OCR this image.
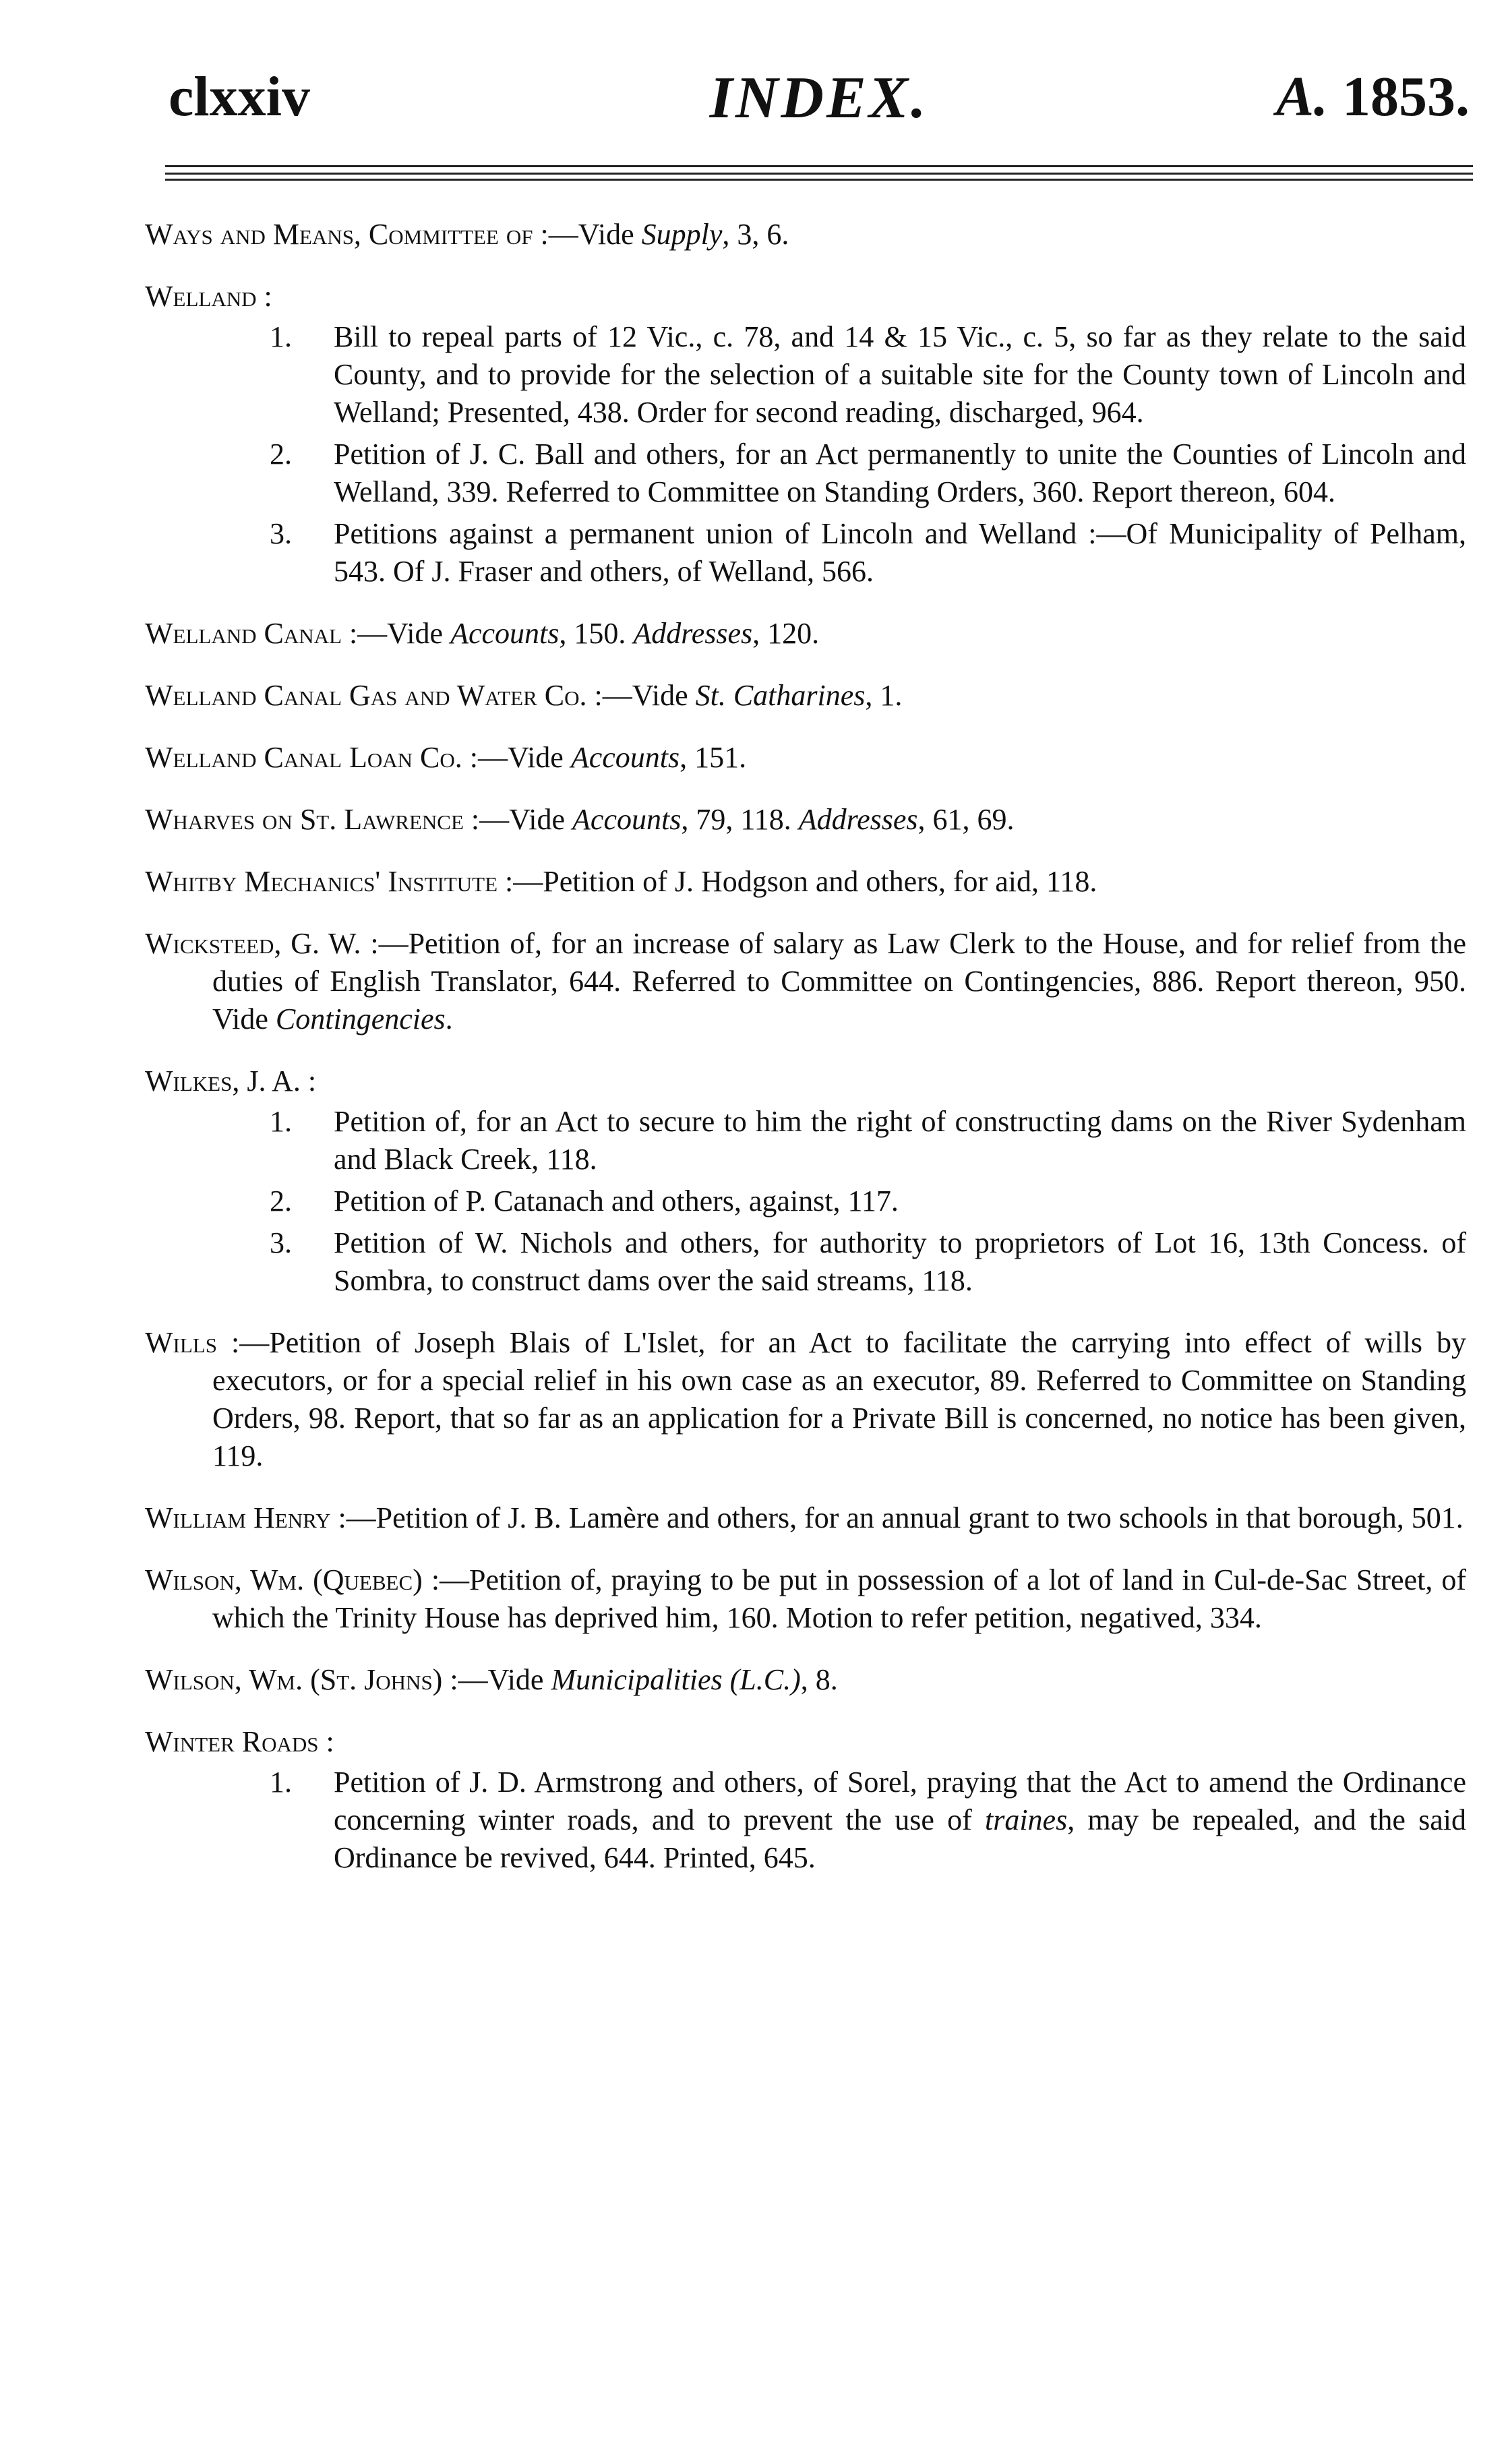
clxxiv	INDEX.	A. 1853.
Ways and Means, Committee of :—Vide Supply, 3, 6.
Welland :
1. Bill to repeal parts of 12 Vic., c. 78, and 14 & 15 Vic., c. 5, so far as they relate to the said County, and to provide for the selection of a suitable site for the County town of Lincoln and Welland; Presented, 438. Order for second reading, discharged, 964.
2. Petition of J. C. Ball and others, for an Act permanently to unite the Counties of Lincoln and Welland, 339. Referred to Committee on Standing Orders, 360. Report thereon, 604.
3. Petitions against a permanent union of Lincoln and Welland :—Of Municipality of Pelham, 543. Of J. Fraser and others, of Welland, 566.
Welland Canal :—Vide Accounts, 150. Addresses, 120.
Welland Canal Gas and Water Co. :—Vide St. Catharines, 1.
Welland Canal Loan Co. :—Vide Accounts, 151.
Wharves on St. Lawrence :—Vide Accounts, 79, 118. Addresses, 61, 69.
Whitby Mechanics' Institute :—Petition of J. Hodgson and others, for aid, 118.
Wicksteed, G. W. :—Petition of, for an increase of salary as Law Clerk to the House, and for relief from the duties of English Translator, 644. Referred to Committee on Contingencies, 886. Report thereon, 950. Vide Contingencies.
Wilkes, J. A. :
1. Petition of, for an Act to secure to him the right of constructing dams on the River Sydenham and Black Creek, 118.
2. Petition of P. Catanach and others, against, 117.
3. Petition of W. Nichols and others, for authority to proprietors of Lot 16, 13th Concess. of Sombra, to construct dams over the said streams, 118.
Wills :—Petition of Joseph Blais of L'Islet, for an Act to facilitate the carrying into effect of wills by executors, or for a special relief in his own case as an executor, 89. Referred to Committee on Standing Orders, 98. Report, that so far as an application for a Private Bill is concerned, no notice has been given, 119.
William Henry :—Petition of J. B. Lamère and others, for an annual grant to two schools in that borough, 501.
Wilson, Wm. (Quebec) :—Petition of, praying to be put in possession of a lot of land in Cul-de-Sac Street, of which the Trinity House has deprived him, 160. Motion to refer petition, negatived, 334.
Wilson, Wm. (St. Johns) :—Vide Municipalities (L.C.), 8.
Winter Roads :
1. Petition of J. D. Armstrong and others, of Sorel, praying that the Act to amend the Ordinance concerning winter roads, and to prevent the use of traines, may be repealed, and the said Ordinance be revived, 644. Printed, 645.
